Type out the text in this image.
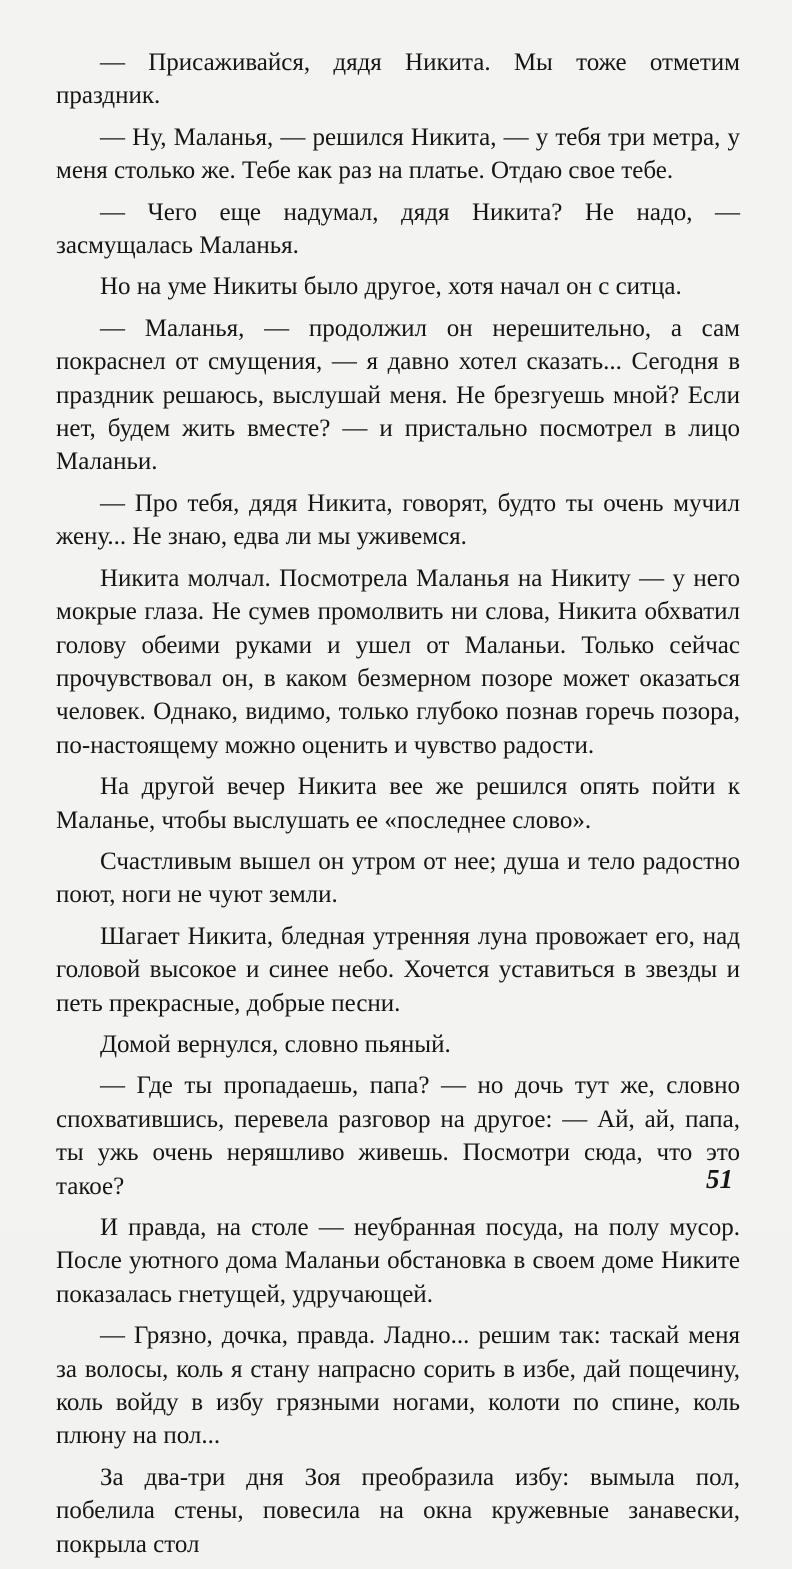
— Присаживайся, дядя Никита. Мы тоже отметим праздник.

— Ну, Маланья, — решился Никита, — у тебя три метра, у меня столько же. Тебе как раз на платье. Отдаю свое тебе.

— Чего еще надумал, дядя Никита? Не надо, — засмущалась Маланья.

Но на уме Никиты было другое, хотя начал он с ситца.

— Маланья, — продолжил он нерешительно, а сам покраснел от смущения, — я давно хотел сказать... Сегодня в праздник решаюсь, выслушай меня. Не брезгуешь мной? Если нет, будем жить вместе? — и пристально посмотрел в лицо Маланьи.

— Про тебя, дядя Никита, говорят, будто ты очень мучил жену... Не знаю, едва ли мы уживемся.

Никита молчал. Посмотрела Маланья на Никиту — у него мокрые глаза. Не сумев промолвить ни слова, Никита обхватил голову обеими руками и ушел от Маланьи. Только сейчас прочувствовал он, в каком безмерном позоре может оказаться человек. Однако, видимо, только глубоко познав горечь позора, по-настоящему можно оценить и чувство радости.

На другой вечер Никита вее же решился опять пойти к Маланье, чтобы выслушать ее «последнее слово».

Счастливым вышел он утром от нее; душа и тело радостно поют, ноги не чуют земли.

Шагает Никита, бледная утренняя луна провожает его, над головой высокое и синее небо. Хочется уставиться в звезды и петь прекрасные, добрые песни.

Домой вернулся, словно пьяный.

— Где ты пропадаешь, папа? — но дочь тут же, словно спохватившись, перевела разговор на другое: — Ай, ай, папа, ты ужь очень неряшливо живешь. Посмотри сюда, что это такое?

И правда, на столе — неубранная посуда, на полу мусор. После уютного дома Маланьи обстановка в своем доме Никите показалась гнетущей, удручающей.

— Грязно, дочка, правда. Ладно... решим так: таскай меня за волосы, коль я стану напрасно сорить в избе, дай пощечину, коль войду в избу грязными ногами, колоти по спине, коль плюну на пол...

За два-три дня Зоя преобразила избу: вымыла пол, побелила стены, повесила на окна кружевные занавески, покрыла стол

51
